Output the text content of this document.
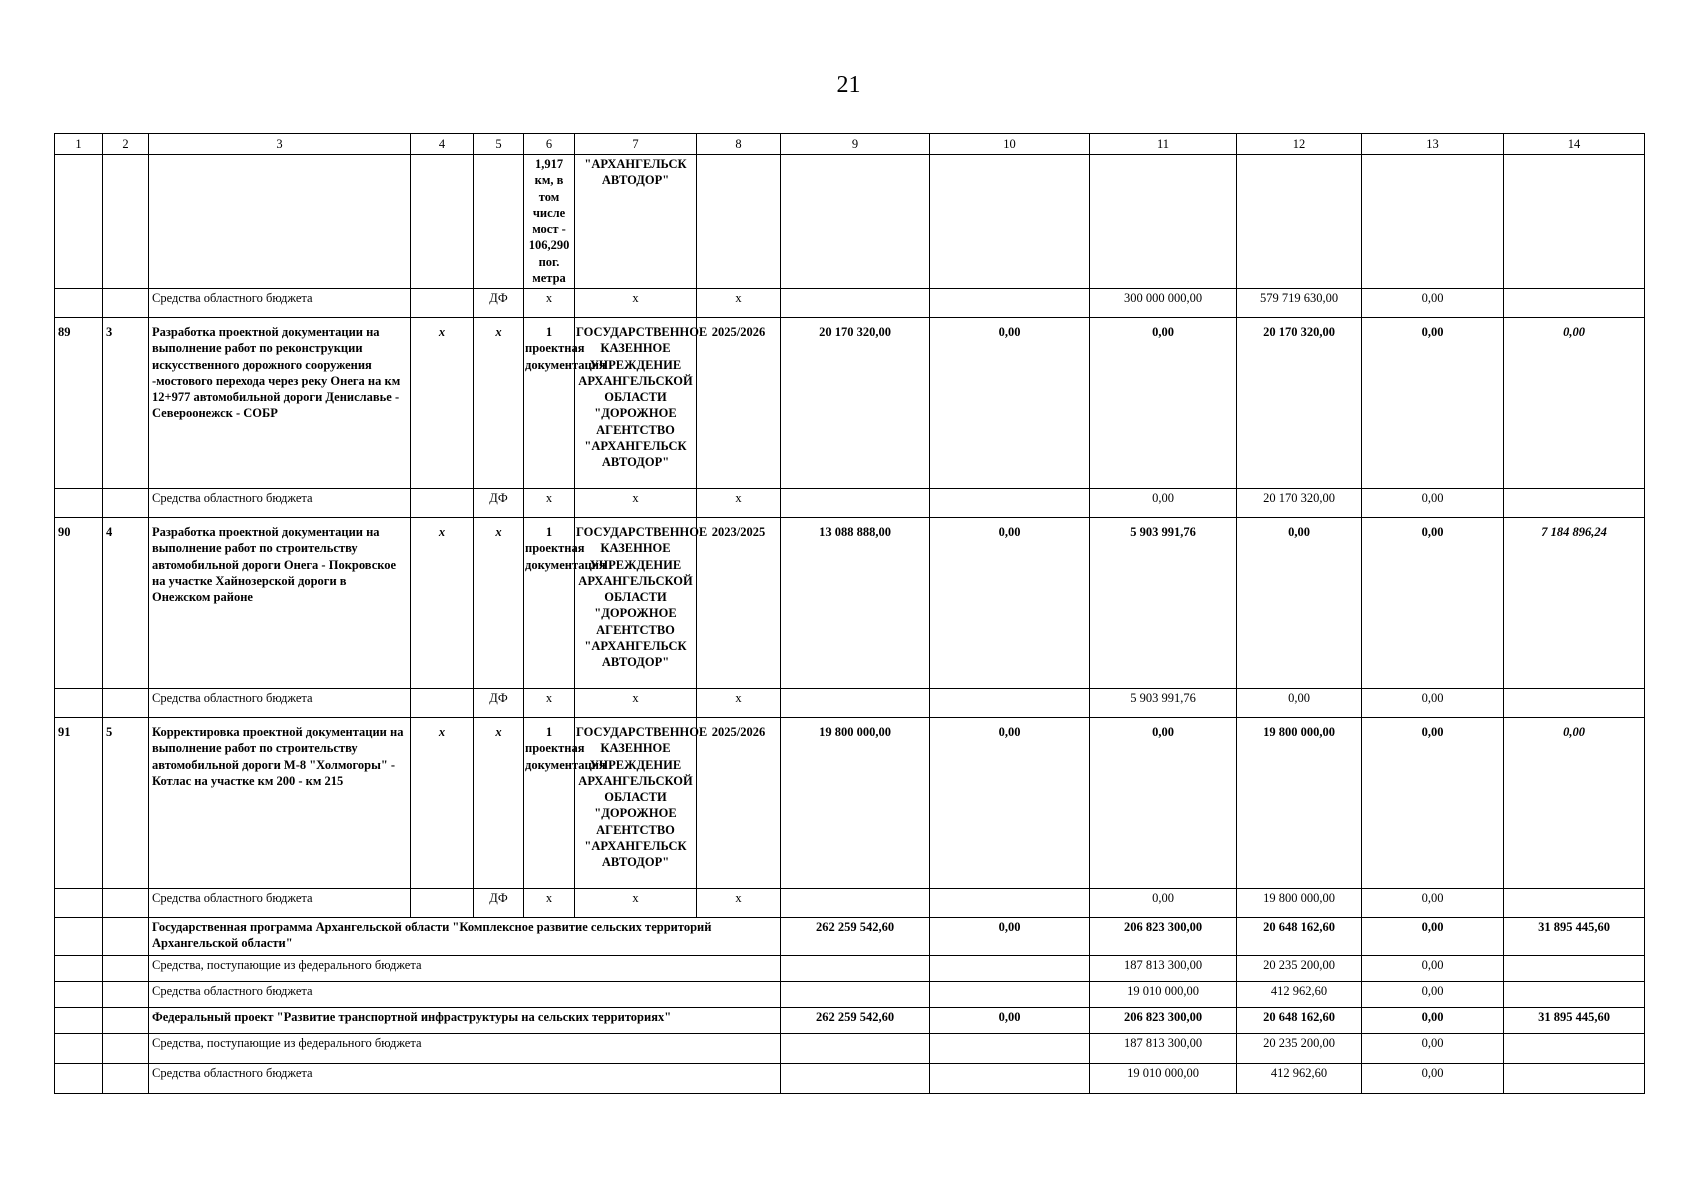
21
1	2	3	4	5	6	7	8	9	10	11	12	13	14
					1,917 км, в том числе мост - 106,290 пог. метра	"АРХАНГЕЛЬСК АВТОДОР"							
		Средства областного бюджета		ДФ	х	х	х			300 000 000,00	579 719 630,00	0,00	
89	3	Разработка проектной документации на выполнение работ по реконструкции искусственного дорожного сооружения -мостового перехода через реку Онега на км 12+977 автомобильной дороги Дениславье - Североонежск - СОБР	х	х	1 проектная документация	ГОСУДАРСТВЕННОЕ КАЗЕННОЕ УЧРЕЖДЕНИЕ АРХАНГЕЛЬСКОЙ ОБЛАСТИ "ДОРОЖНОЕ АГЕНТСТВО "АРХАНГЕЛЬСК АВТОДОР"	2025/2026	20 170 320,00	0,00	0,00	20 170 320,00	0,00	0,00
		Средства областного бюджета		ДФ	х	х	х			0,00	20 170 320,00	0,00	
90	4	Разработка проектной документации на выполнение работ по строительству автомобильной дороги Онега - Покровское на участке Хайнозерской дороги в Онежском районе	х	х	1 проектная документация	ГОСУДАРСТВЕННОЕ КАЗЕННОЕ УЧРЕЖДЕНИЕ АРХАНГЕЛЬСКОЙ ОБЛАСТИ "ДОРОЖНОЕ АГЕНТСТВО "АРХАНГЕЛЬСК АВТОДОР"	2023/2025	13 088 888,00	0,00	5 903 991,76	0,00	0,00	7 184 896,24
		Средства областного бюджета		ДФ	х	х	х			5 903 991,76	0,00	0,00	
91	5	Корректировка проектной документации на выполнение работ по строительству автомобильной дороги М-8 "Холмогоры" - Котлас на участке км 200 - км 215	х	х	1 проектная документация	ГОСУДАРСТВЕННОЕ КАЗЕННОЕ УЧРЕЖДЕНИЕ АРХАНГЕЛЬСКОЙ ОБЛАСТИ "ДОРОЖНОЕ АГЕНТСТВО "АРХАНГЕЛЬСК АВТОДОР"	2025/2026	19 800 000,00	0,00	0,00	19 800 000,00	0,00	0,00
		Средства областного бюджета		ДФ	х	х	х			0,00	19 800 000,00	0,00	
		Государственная программа Архангельской области "Комплексное развитие сельских территорий Архангельской области"						262 259 542,60	0,00	206 823 300,00	20 648 162,60	0,00	31 895 445,60
		Средства, поступающие из федерального бюджета								187 813 300,00	20 235 200,00	0,00	
		Средства областного бюджета								19 010 000,00	412 962,60	0,00	
		Федеральный проект "Развитие транспортной инфраструктуры на сельских территориях"						262 259 542,60	0,00	206 823 300,00	20 648 162,60	0,00	31 895 445,60
		Средства, поступающие из федерального бюджета								187 813 300,00	20 235 200,00	0,00	
		Средства областного бюджета								19 010 000,00	412 962,60	0,00	
